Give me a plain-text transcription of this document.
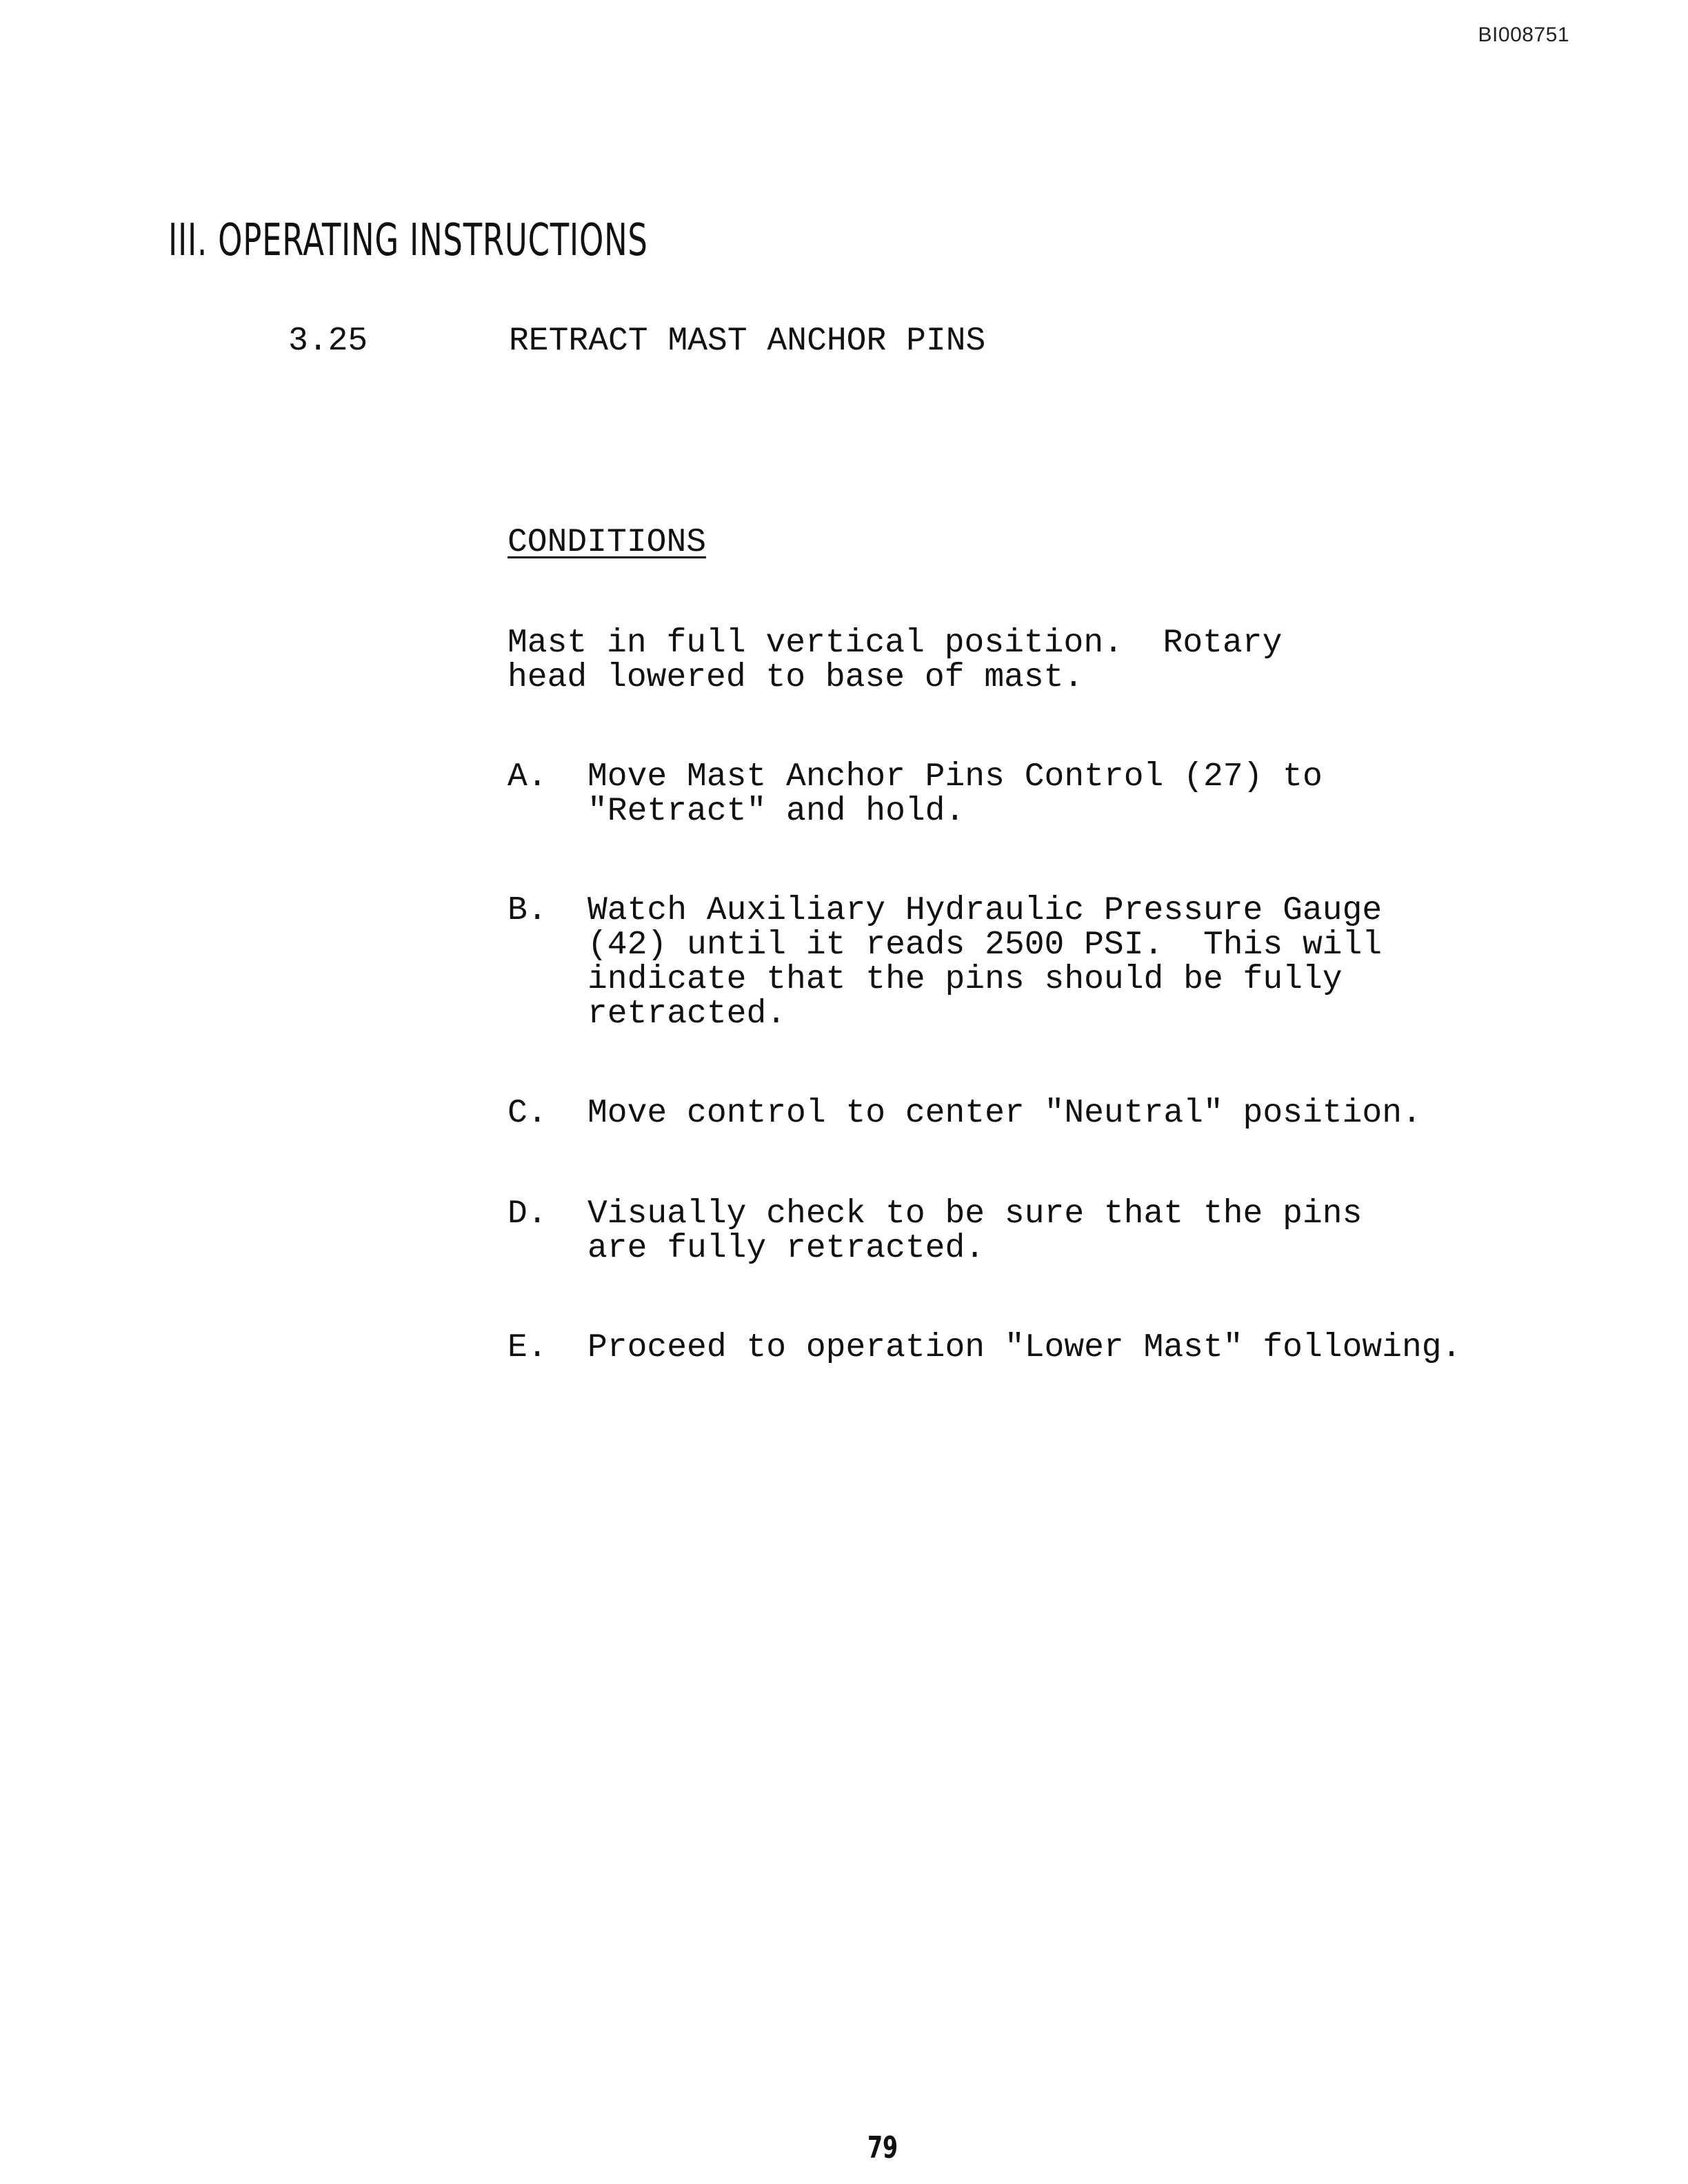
BI008751
III. OPERATING INSTRUCTIONS
3.25	RETRACT MAST ANCHOR PINS
CONDITIONS
Mast in full vertical position.  Rotary
head lowered to base of mast.
A. Move Mast Anchor Pins Control (27) to
"Retract" and hold.
B. Watch Auxiliary Hydraulic Pressure Gauge
(42) until it reads 2500 PSI.  This will
indicate that the pins should be fully
retracted.
C. Move control to center "Neutral" position.
D. Visually check to be sure that the pins
are fully retracted.
E. Proceed to operation "Lower Mast" following.
79
